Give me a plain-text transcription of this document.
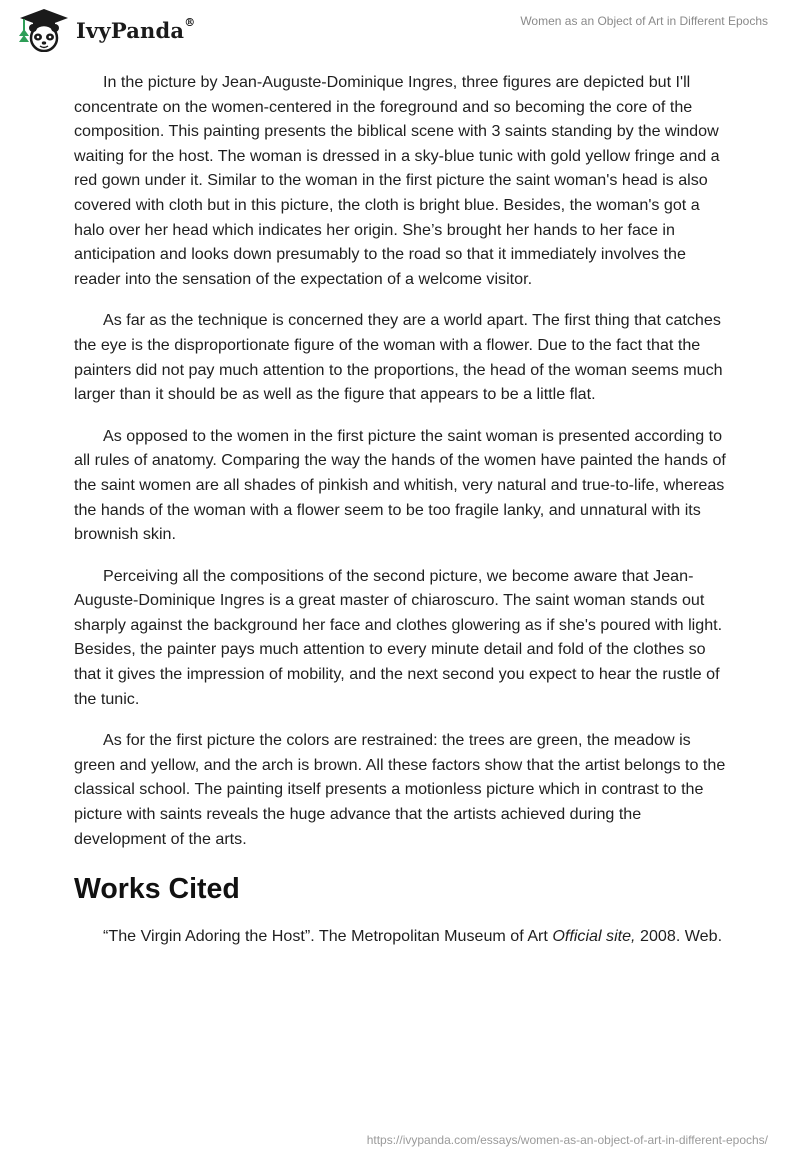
IvyPanda®	Women as an Object of Art in Different Epochs

In the picture by Jean-Auguste-Dominique Ingres, three figures are depicted but I'll concentrate on the women-centered in the foreground and so becoming the core of the composition. This painting presents the biblical scene with 3 saints standing by the window waiting for the host. The woman is dressed in a sky-blue tunic with gold yellow fringe and a red gown under it. Similar to the woman in the first picture the saint woman's head is also covered with cloth but in this picture, the cloth is bright blue. Besides, the woman's got a halo over her head which indicates her origin. She’s brought her hands to her face in anticipation and looks down presumably to the road so that it immediately involves the reader into the sensation of the expectation of a welcome visitor.

As far as the technique is concerned they are a world apart. The first thing that catches the eye is the disproportionate figure of the woman with a flower. Due to the fact that the painters did not pay much attention to the proportions, the head of the woman seems much larger than it should be as well as the figure that appears to be a little flat.

As opposed to the women in the first picture the saint woman is presented according to all rules of anatomy. Comparing the way the hands of the women have painted the hands of the saint women are all shades of pinkish and whitish, very natural and true-to-life, whereas the hands of the woman with a flower seem to be too fragile lanky, and unnatural with its brownish skin.

Perceiving all the compositions of the second picture, we become aware that Jean-Auguste-Dominique Ingres is a great master of chiaroscuro. The saint woman stands out sharply against the background her face and clothes glowering as if she's poured with light. Besides, the painter pays much attention to every minute detail and fold of the clothes so that it gives the impression of mobility, and the next second you expect to hear the rustle of the tunic.

As for the first picture the colors are restrained: the trees are green, the meadow is green and yellow, and the arch is brown. All these factors show that the artist belongs to the classical school. The painting itself presents a motionless picture which in contrast to the picture with saints reveals the huge advance that the artists achieved during the development of the arts.

Works Cited

“The Virgin Adoring the Host”. The Metropolitan Museum of Art Official site, 2008. Web.

https://ivypanda.com/essays/women-as-an-object-of-art-in-different-epochs/
